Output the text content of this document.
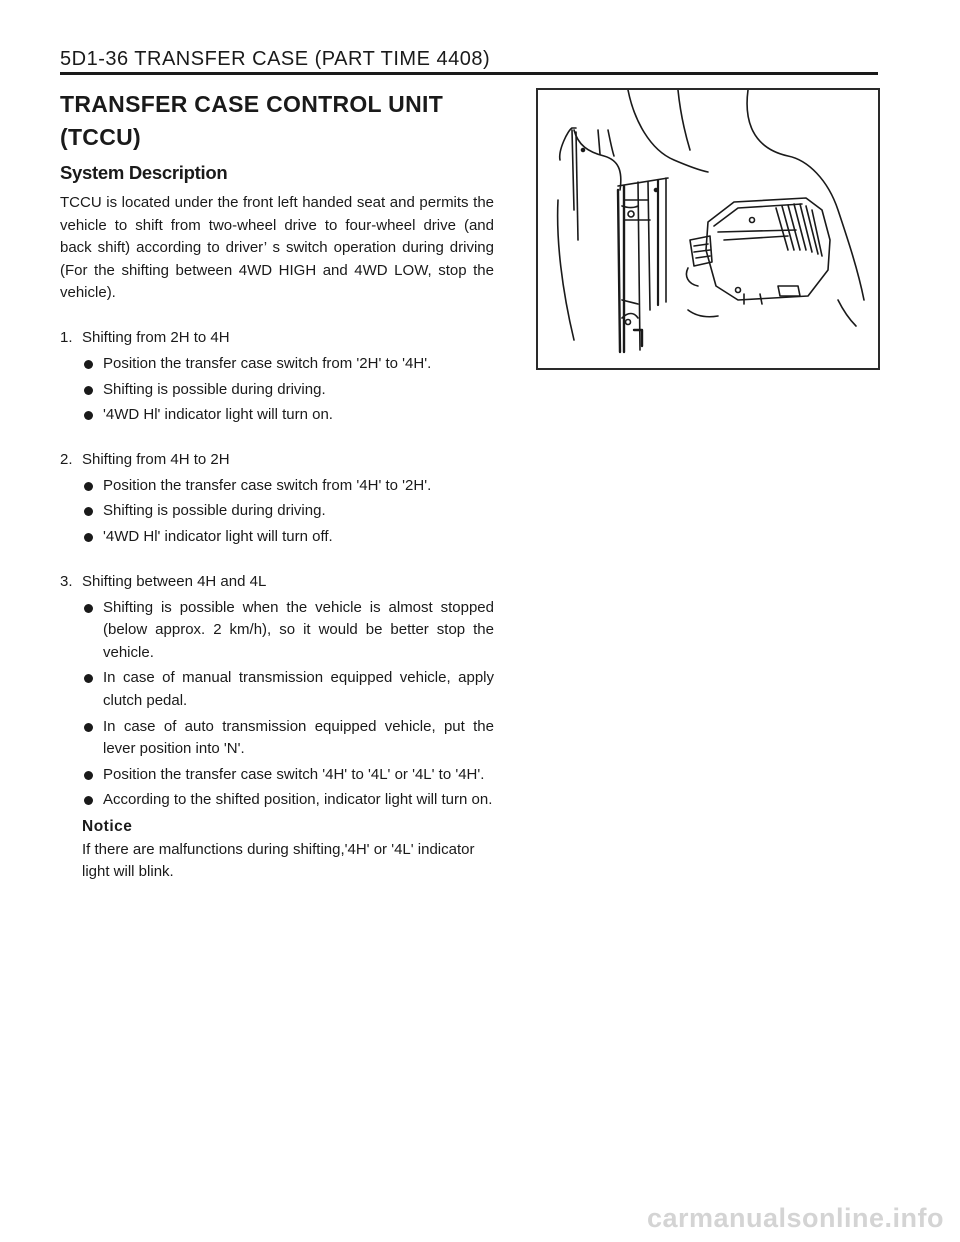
5D1-36 TRANSFER CASE (PART TIME 4408)
TRANSFER CASE CONTROL UNIT
(TCCU)
System Description

TCCU is located under the front left handed seat and permits the vehicle to shift from two-wheel drive to four-wheel drive (and back shift) according to driver’ s switch operation during driving (For the shifting between 4WD HIGH and 4WD LOW, stop the vehicle).

1. Shifting from 2H to 4H
Position the transfer case switch from '2H' to '4H'.
Shifting is possible during driving.
'4WD Hl' indicator light will turn on.
2. Shifting from 4H to 2H
Position the transfer case switch from '4H' to '2H'.
Shifting is possible during driving.
'4WD Hl' indicator light will turn off.
3. Shifting between 4H and 4L
Shifting is possible when the vehicle is almost stopped (below approx. 2 km/h), so it would be better stop the vehicle.
In case of manual transmission equipped vehicle, apply clutch pedal.
In case of auto transmission equipped vehicle, put the lever position into 'N'.
Position the transfer case switch '4H' to '4L' or '4L' to '4H'.
According to the shifted position, indicator light will turn on.
Notice
If there are malfunctions during shifting,'4H' or '4L' indicator light will blink.
carmanualsonline.info
